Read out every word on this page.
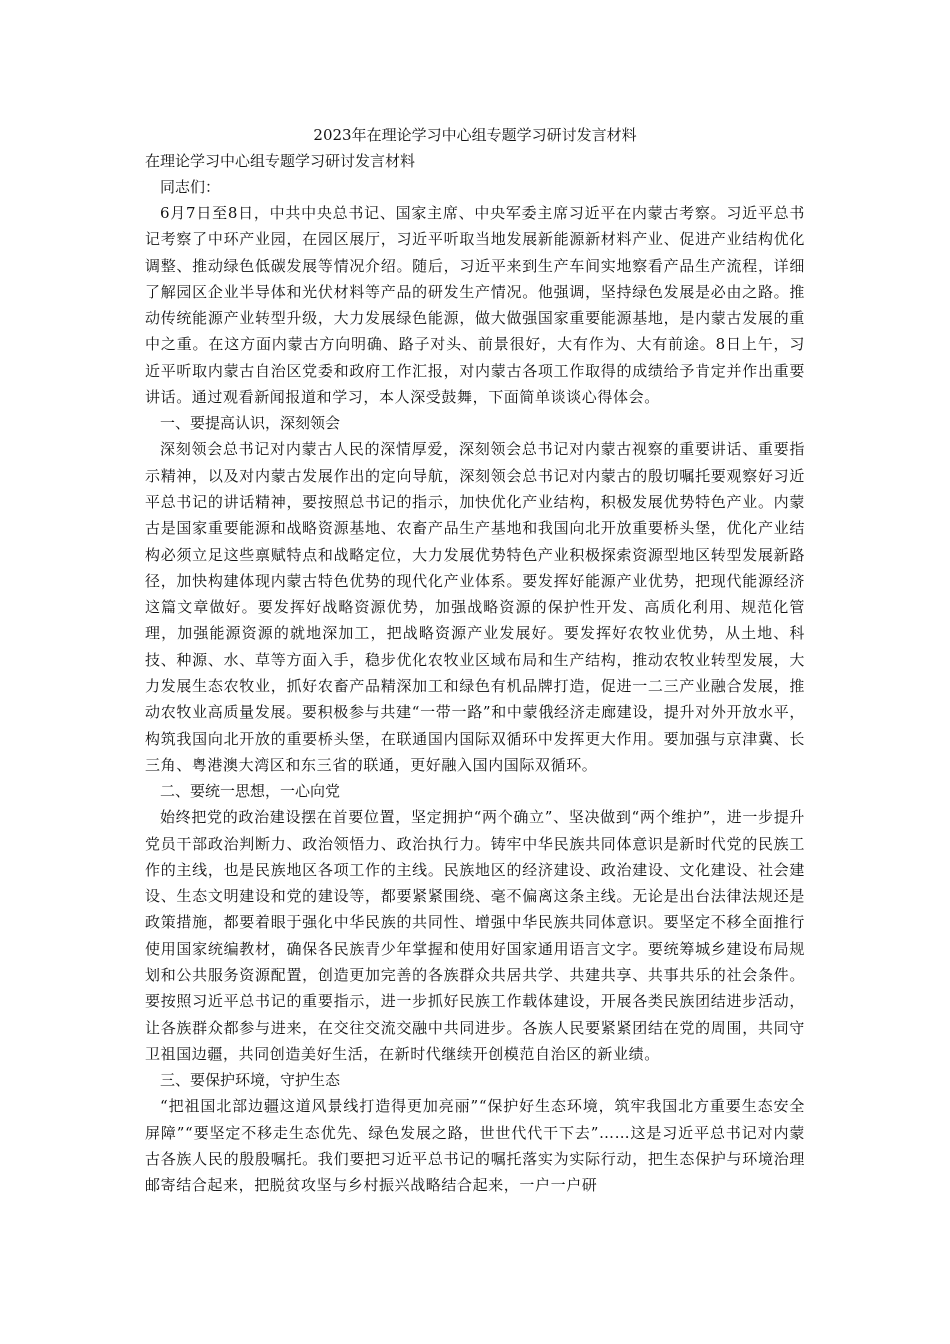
2023年在理论学习中心组专题学习研讨发言材料

在理论学习中心组专题学习研讨发言材料

同志们：

6月7日至8日，中共中央总书记、国家主席、中央军委主席习近平在内蒙古考察。习近平总书记考察了中环产业园，在园区展厅，习近平听取当地发展新能源新材料产业、促进产业结构优化调整、推动绿色低碳发展等情况介绍。随后，习近平来到生产车间实地察看产品生产流程，详细了解园区企业半导体和光伏材料等产品的研发生产情况。他强调，坚持绿色发展是必由之路。推动传统能源产业转型升级，大力发展绿色能源，做大做强国家重要能源基地，是内蒙古发展的重中之重。在这方面内蒙古方向明确、路子对头、前景很好，大有作为、大有前途。8日上午，习近平听取内蒙古自治区党委和政府工作汇报，对内蒙古各项工作取得的成绩给予肯定并作出重要讲话。通过观看新闻报道和学习，本人深受鼓舞，下面简单谈谈心得体会。

一、要提高认识，深刻领会

深刻领会总书记对内蒙古人民的深情厚爱，深刻领会总书记对内蒙古视察的重要讲话、重要指示精神，以及对内蒙古发展作出的定向导航，深刻领会总书记对内蒙古的殷切嘱托要观察好习近平总书记的讲话精神，要按照总书记的指示，加快优化产业结构，积极发展优势特色产业。内蒙古是国家重要能源和战略资源基地、农畜产品生产基地和我国向北开放重要桥头堡，优化产业结构必须立足这些禀赋特点和战略定位，大力发展优势特色产业积极探索资源型地区转型发展新路径，加快构建体现内蒙古特色优势的现代化产业体系。要发挥好能源产业优势，把现代能源经济这篇文章做好。要发挥好战略资源优势，加强战略资源的保护性开发、高质化利用、规范化管理，加强能源资源的就地深加工，把战略资源产业发展好。要发挥好农牧业优势，从土地、科技、种源、水、草等方面入手，稳步优化农牧业区域布局和生产结构，推动农牧业转型发展，大力发展生态农牧业，抓好农畜产品精深加工和绿色有机品牌打造，促进一二三产业融合发展，推动农牧业高质量发展。要积极参与共建“一带一路”和中蒙俄经济走廊建设，提升对外开放水平，构筑我国向北开放的重要桥头堡，在联通国内国际双循环中发挥更大作用。要加强与京津冀、长三角、粤港澳大湾区和东三省的联通，更好融入国内国际双循环。

二、要统一思想，一心向党

始终把党的政治建设摆在首要位置，坚定拥护“两个确立”、坚决做到“两个维护”，进一步提升党员干部政治判断力、政治领悟力、政治执行力。铸牢中华民族共同体意识是新时代党的民族工作的主线，也是民族地区各项工作的主线。民族地区的经济建设、政治建设、文化建设、社会建设、生态文明建设和党的建设等，都要紧紧围绕、毫不偏离这条主线。无论是出台法律法规还是政策措施，都要着眼于强化中华民族的共同性、增强中华民族共同体意识。要坚定不移全面推行使用国家统编教材，确保各民族青少年掌握和使用好国家通用语言文字。要统筹城乡建设布局规划和公共服务资源配置，创造更加完善的各族群众共居共学、共建共享、共事共乐的社会条件。要按照习近平总书记的重要指示，进一步抓好民族工作载体建设，开展各类民族团结进步活动，让各族群众都参与进来，在交往交流交融中共同进步。各族人民要紧紧团结在党的周围，共同守卫祖国边疆，共同创造美好生活，在新时代继续开创模范自治区的新业绩。

三、要保护环境，守护生态

“把祖国北部边疆这道风景线打造得更加亮丽”“保护好生态环境，筑牢我国北方重要生态安全屏障”“要坚定不移走生态优先、绿色发展之路，世世代代干下去”……这是习近平总书记对内蒙古各族人民的殷殷嘱托。我们要把习近平总书记的嘱托落实为实际行动，把生态保护与环境治理邮寄结合起来，把脱贫攻坚与乡村振兴战略结合起来，一户一户研
